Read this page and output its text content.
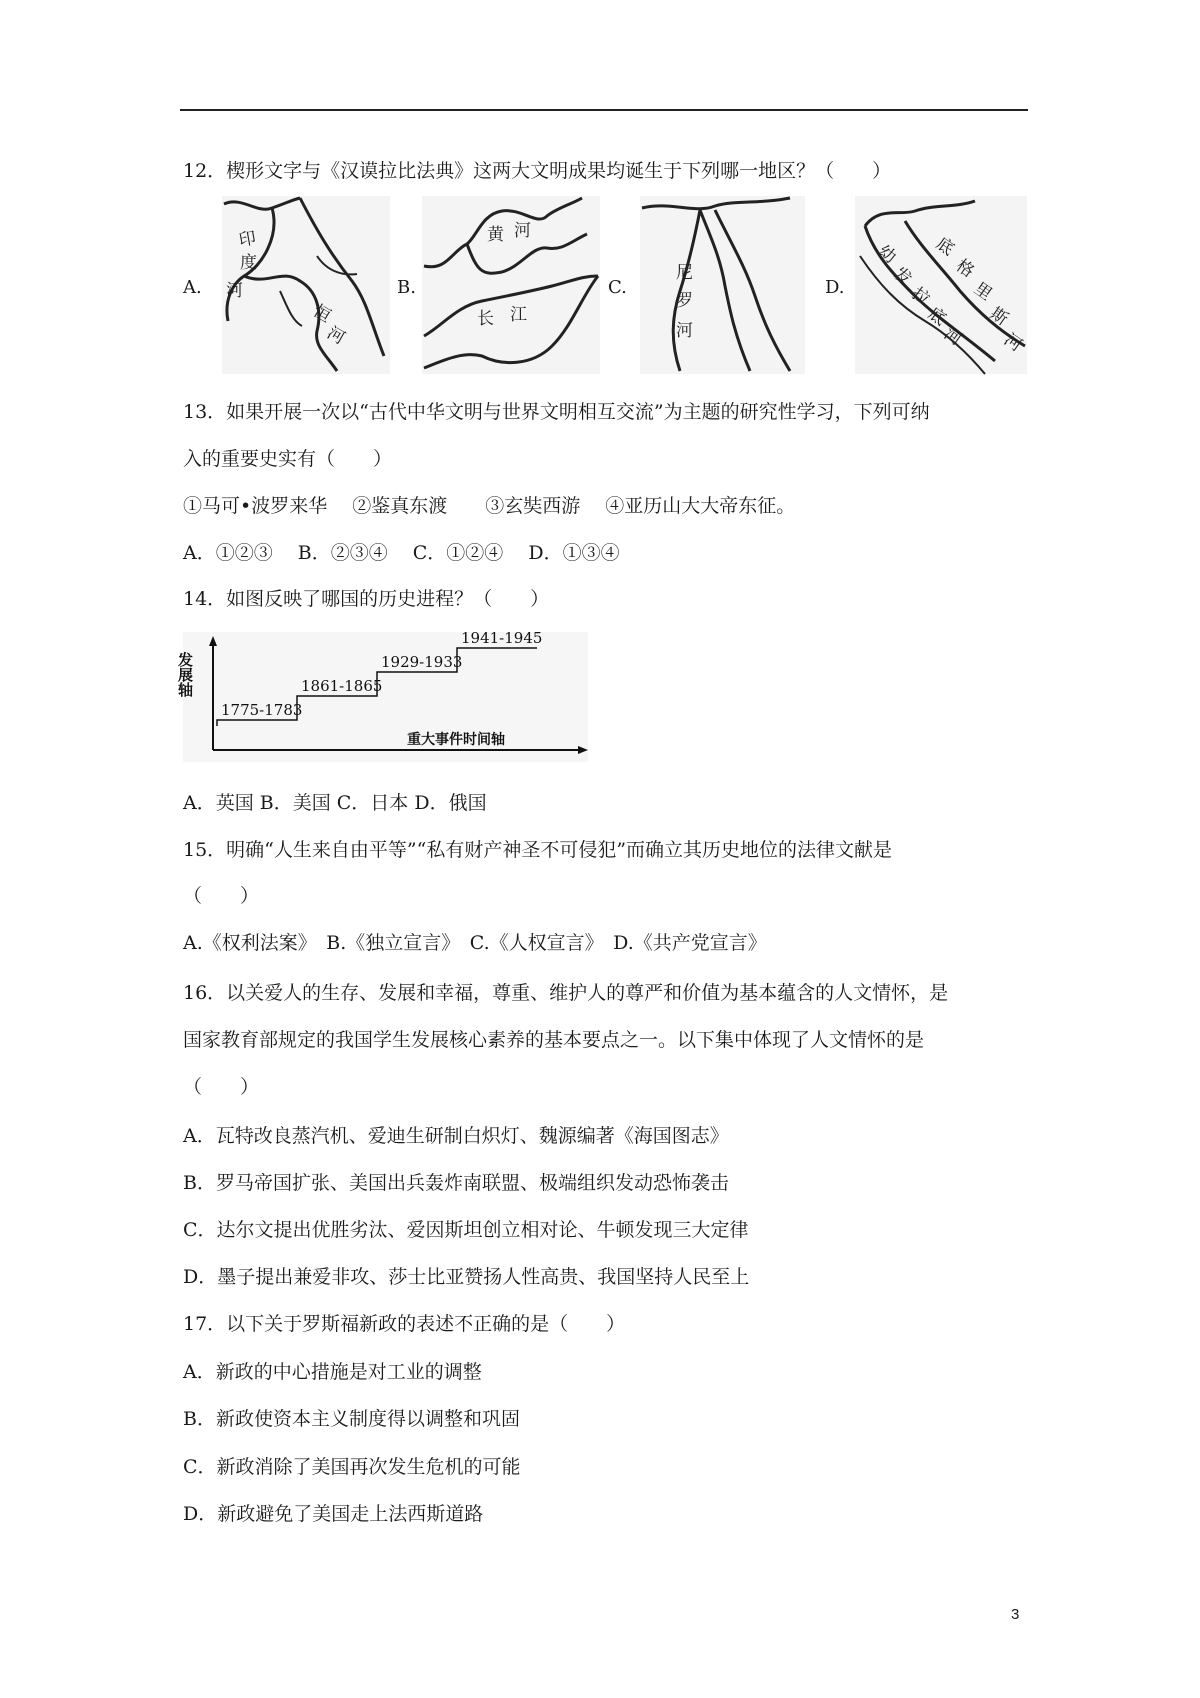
12．楔形文字与《汉谟拉比法典》这两大文明成果均诞生于下列哪一地区？（　　）
A.
印
度
河
恒
河
B.
黄 河
长 江
C.
尼
罗
河
D.
底
格
里
斯
河
幼
发
拉
底
河
13．如果开展一次以“古代中华文明与世界文明相互交流”为主题的研究性学习，下列可纳
入的重要史实有（　　）
①马可•波罗来华　 ②鉴真东渡　　③玄奘西游　 ④亚历山大大帝东征。
A．①②③　 B．②③④　 C．①②④　 D．①③④
14．如图反映了哪国的历史进程？（　　）
发展轴
重大事件时间轴
1775-1783
1861-1865
1929-1933
1941-1945
A．英国 B．美国 C．日本 D．俄国
15．明确“人生来自由平等”“私有财产神圣不可侵犯”而确立其历史地位的法律文献是
（　　）
A.《权利法案》　B.《独立宣言》　C.《人权宣言》　D.《共产党宣言》
16．以关爱人的生存、发展和幸福，尊重、维护人的尊严和价值为基本蕴含的人文情怀，是
国家教育部规定的我国学生发展核心素养的基本要点之一。以下集中体现了人文情怀的是
（　　）
A．瓦特改良蒸汽机、爱迪生研制白炽灯、魏源编著《海国图志》
B．罗马帝国扩张、美国出兵轰炸南联盟、极端组织发动恐怖袭击
C．达尔文提出优胜劣汰、爱因斯坦创立相对论、牛顿发现三大定律
D．墨子提出兼爱非攻、莎士比亚赞扬人性高贵、我国坚持人民至上
17．以下关于罗斯福新政的表述不正确的是（　　）
A．新政的中心措施是对工业的调整
B．新政使资本主义制度得以调整和巩固
C．新政消除了美国再次发生危机的可能
D．新政避免了美国走上法西斯道路
3
